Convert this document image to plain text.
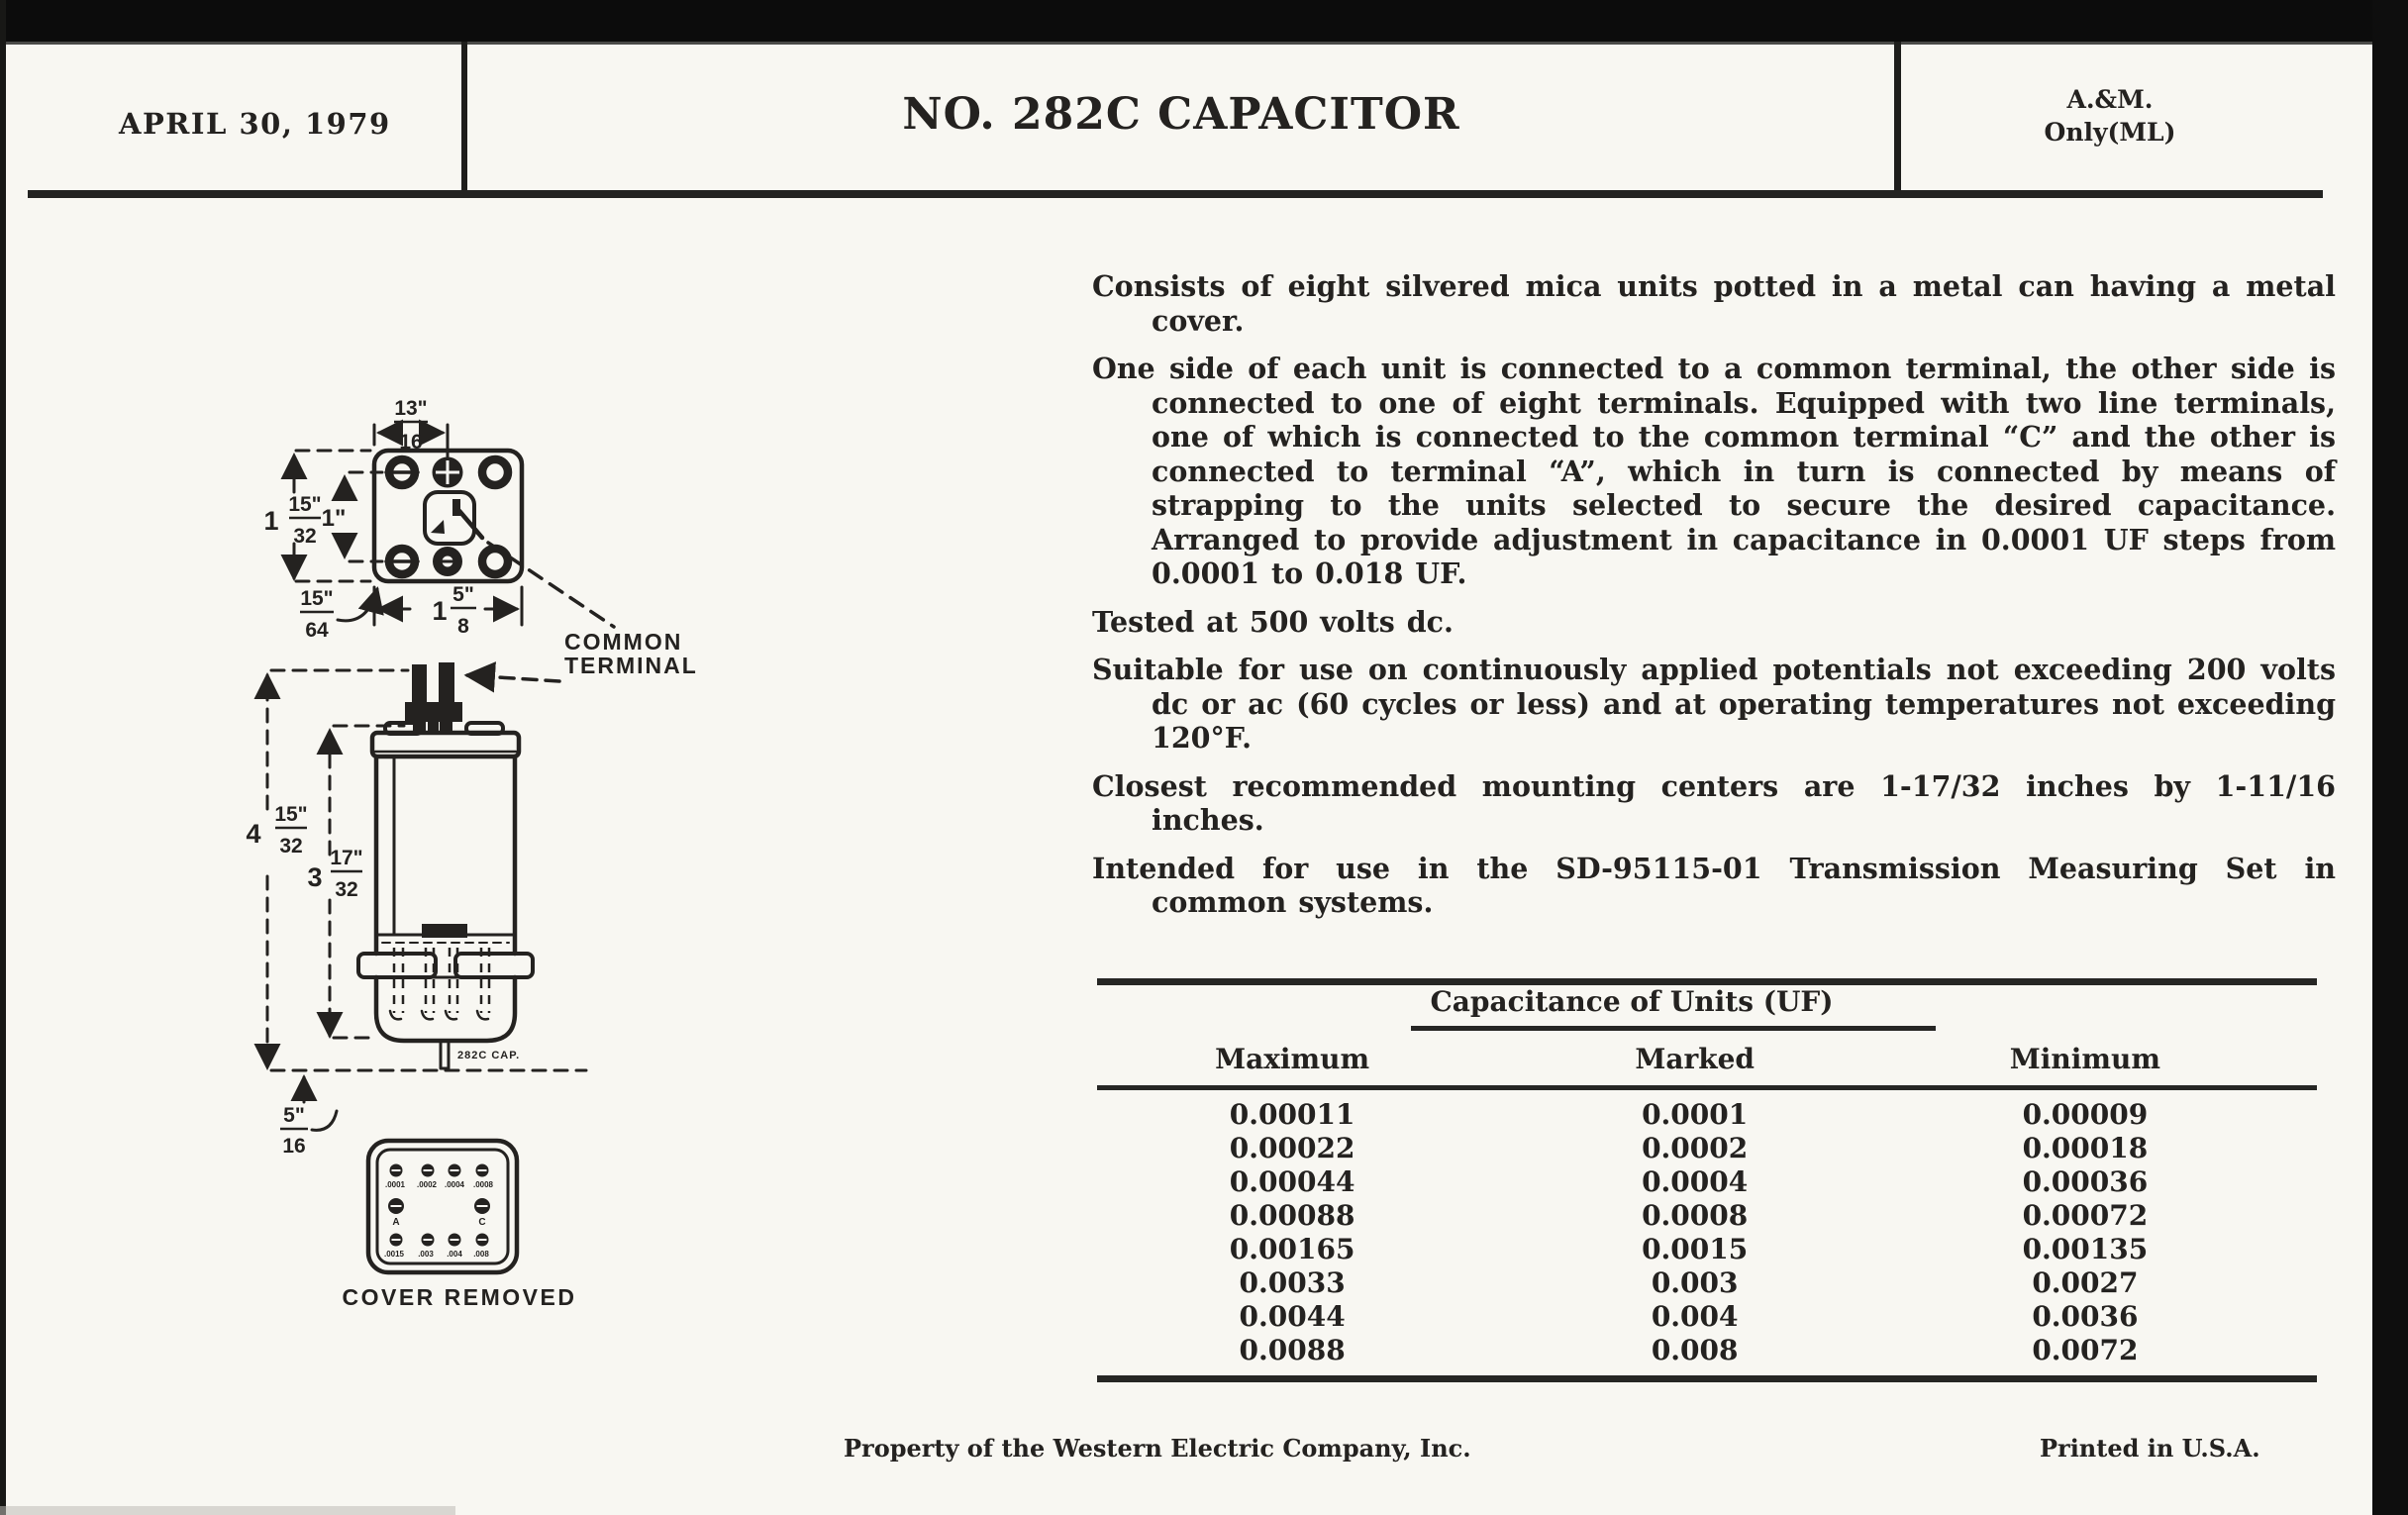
APRIL 30, 1979	NO. 282C CAPACITOR	A.&M.
Only(ML)

Consists of eight silvered mica units potted in a metal can having a metal cover.

One side of each unit is connected to a common terminal, the other side is connected to one of eight terminals. Equipped with two line terminals, one of which is connected to the common terminal “C” and the other is connected to terminal “A”, which in turn is connected by means of strapping to the units selected to secure the desired capacitance. Arranged to provide adjustment in capacitance in 0.0001 UF steps from 0.0001 to 0.018 UF.

Tested at 500 volts dc.

Suitable for use on continuously applied potentials not exceeding 200 volts dc or ac (60 cycles or less) and at operating temperatures not exceeding 120°F.

Closest recommended mounting centers are 1-17/32 inches by 1-11/16 inches.

Intended for use in the SD-95115-01 Transmission Measuring Set in common systems.

Capacitance of Units (UF)
Maximum	Marked	Minimum
0.00011	0.0001	0.00009
0.00022	0.0002	0.00018
0.00044	0.0004	0.00036
0.00088	0.0008	0.00072
0.00165	0.0015	0.00135
0.0033	0.003	0.0027
0.0044	0.004	0.0036
0.0088	0.008	0.0072
Property of the Western Electric Company, Inc.	Printed in U.S.A.
13"
16
1
15"
32
1"
15"
64
1
5"
8
COMMON
TERMINAL
282C CAP.
4
15"
32
3
17"
32
5"
16
.0001 .0002 .0004 .0008
A	C
.0015 .003 .004 .008
COVER REMOVED
